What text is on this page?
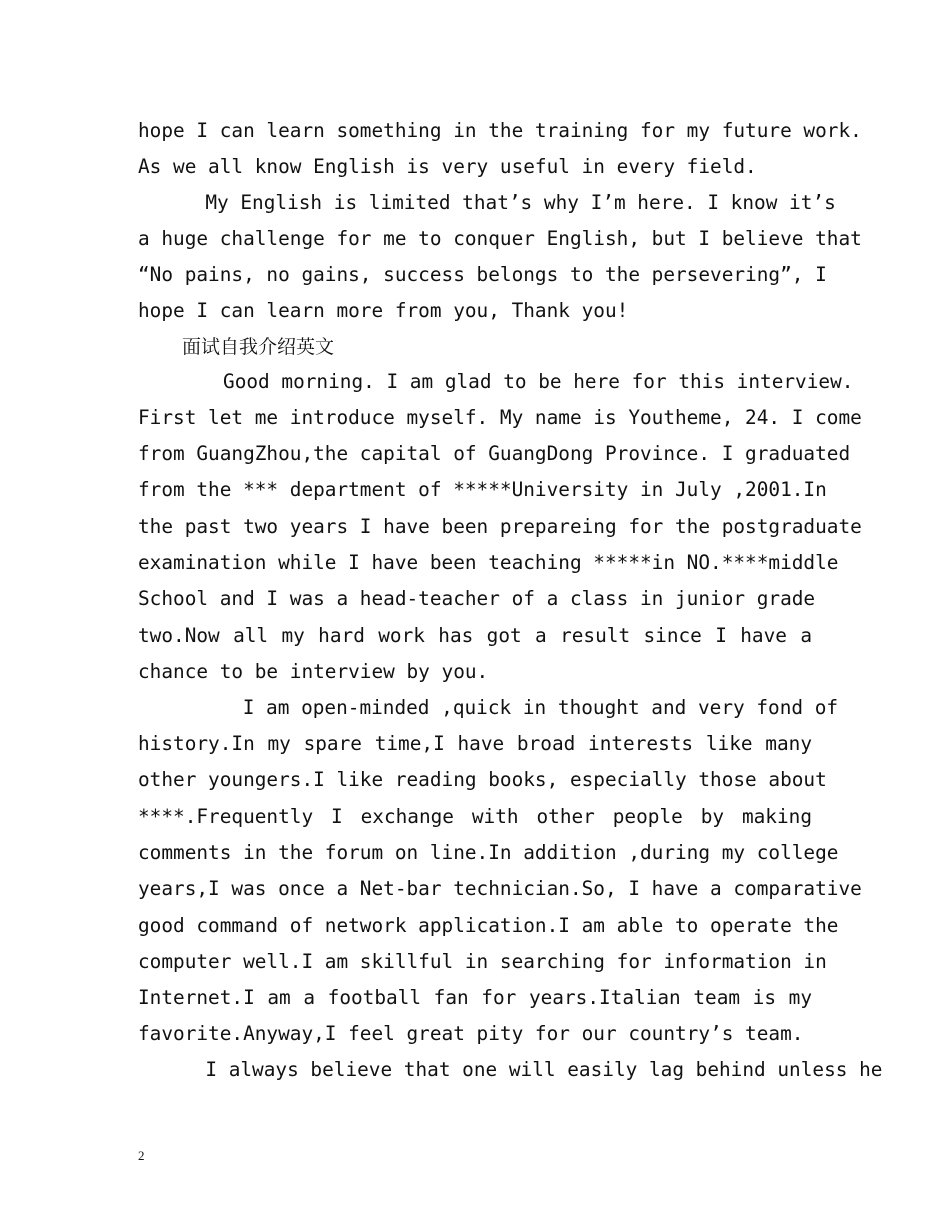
hope I can learn something in the training for my future work.
As we all know English is very useful in every field.
My English is limited that’s why I’m here. I know it’s
a huge challenge for me to conquer English, but I believe that
“No pains, no gains, success belongs to the persevering”, I
hope I can learn more from you, Thank you!
面试自我介绍英文
Good morning. I am glad to be here for this interview.
First let me introduce myself. My name is Youtheme, 24. I come
from GuangZhou,the capital of GuangDong Province. I graduated
from the *** department of *****University in July ,2001.In
the past two years I have been prepareing for the postgraduate
examination while I have been teaching *****in NO.****middle
School and I was a head-teacher of a class in junior grade
two.Now all my hard work has got a result since I have a
chance to be interview by you.
I am open-minded ,quick in thought and very fond of
history.In my spare time,I have broad interests like many
other youngers.I like reading books, especially those about
****.Frequently I exchange with other people by making
comments in the forum on line.In addition ,during my college
years,I was once a Net-bar technician.So, I have a comparative
good command of network application.I am able to operate the
computer well.I am skillful in searching for information in
Internet.I am a football fan for years.Italian team is my
favorite.Anyway,I feel great pity for our country’s team.
I always believe that one will easily lag behind unless he
2
